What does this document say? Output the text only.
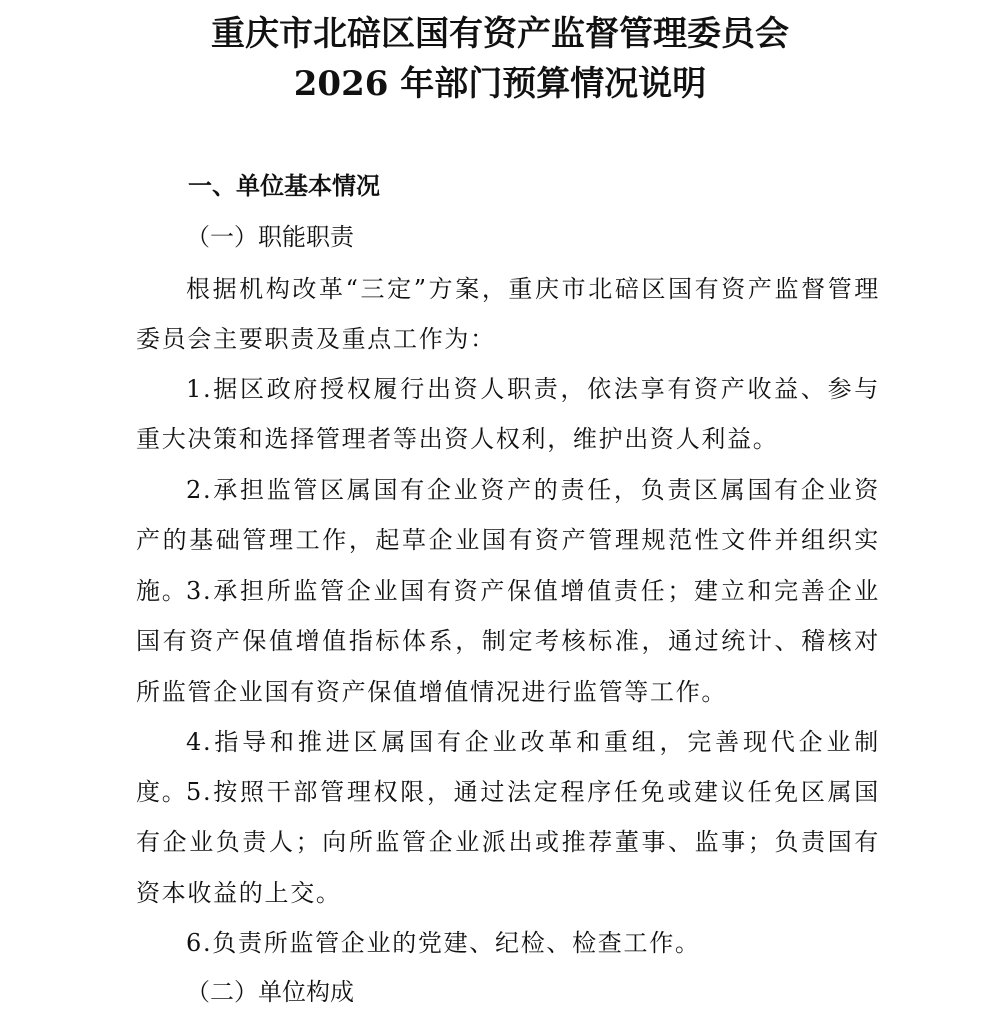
重庆市北碚区国有资产监督管理委员会
2026 年部门预算情况说明
一、单位基本情况
（一）职能职责
根据机构改革“三定”方案，重庆市北碚区国有资产监督管理委员会主要职责及重点工作为：
1.据区政府授权履行出资人职责，依法享有资产收益、参与重大决策和选择管理者等出资人权利，维护出资人利益。
2.承担监管区属国有企业资产的责任，负责区属国有企业资产的基础管理工作，起草企业国有资产管理规范性文件并组织实施。
3.承担所监管企业国有资产保值增值责任；建立和完善企业国有资产保值增值指标体系，制定考核标准，通过统计、稽核对所监管企业国有资产保值增值情况进行监管等工作。
4.指导和推进区属国有企业改革和重组，完善现代企业制度。
5.按照干部管理权限，通过法定程序任免或建议任免区属国有企业负责人；向所监管企业派出或推荐董事、监事；负责国有资本收益的上交。
6.负责所监管企业的党建、纪检、检查工作。
（二）单位构成
